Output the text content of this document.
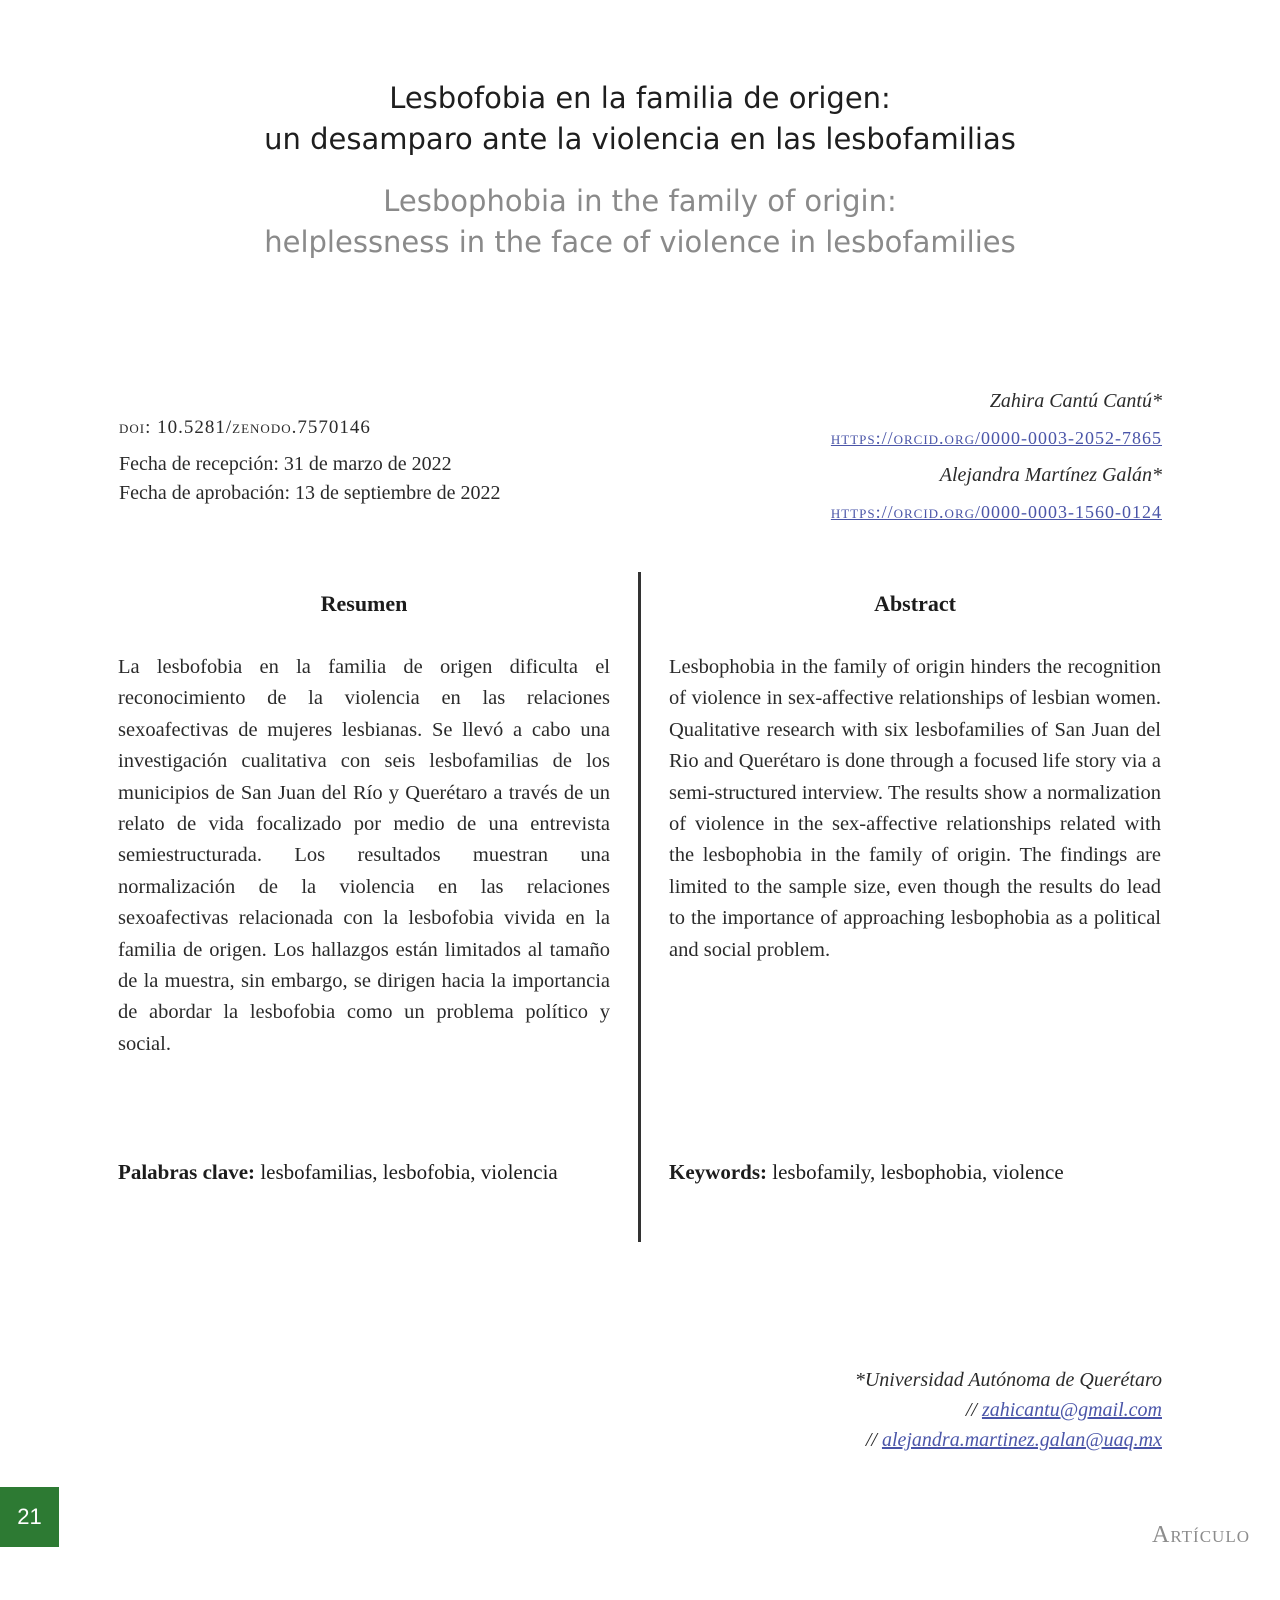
Lesbofobia en la familia de origen:
un desamparo ante la violencia en las lesbofamilias
Lesbophobia in the family of origin:
helplessness in the face of violence in lesbofamilies
doi: 10.5281/zenodo.7570146
Fecha de recepción: 31 de marzo de 2022
Fecha de aprobación: 13 de septiembre de 2022
Zahira Cantú Cantú*
https://orcid.org/0000-0003-2052-7865
Alejandra Martínez Galán*
https://orcid.org/0000-0003-1560-0124
Resumen

La lesbofobia en la familia de origen dificulta el reconocimiento de la violencia en las relaciones sexoafectivas de mujeres lesbianas. Se llevó a cabo una investigación cualitativa con seis lesbofamilias de los municipios de San Juan del Río y Querétaro a través de un relato de vida focalizado por medio de una entrevista semiestructurada. Los resultados muestran una normalización de la violencia en las relaciones sexoafectivas relacionada con la lesbofobia vivida en la familia de origen. Los hallazgos están limitados al tamaño de la muestra, sin embargo, se dirigen hacia la importancia de abordar la lesbofobia como un problema político y social.

Abstract

Lesbophobia in the family of origin hinders the recognition of violence in sex-affective relationships of lesbian women. Qualitative research with six lesbofamilies of San Juan del Rio and Querétaro is done through a focused life story via a semi-structured interview. The results show a normalization of violence in the sex-affective relationships related with the lesbophobia in the family of origin. The findings are limited to the sample size, even though the results do lead to the importance of approaching lesbophobia as a political and social problem.

Palabras clave: lesbofamilias, lesbofobia, violencia	Keywords: lesbofamily, lesbophobia, violence
*Universidad Autónoma de Querétaro
// zahicantu@gmail.com
// alejandra.martinez.galan@uaq.mx
21
Artículo
